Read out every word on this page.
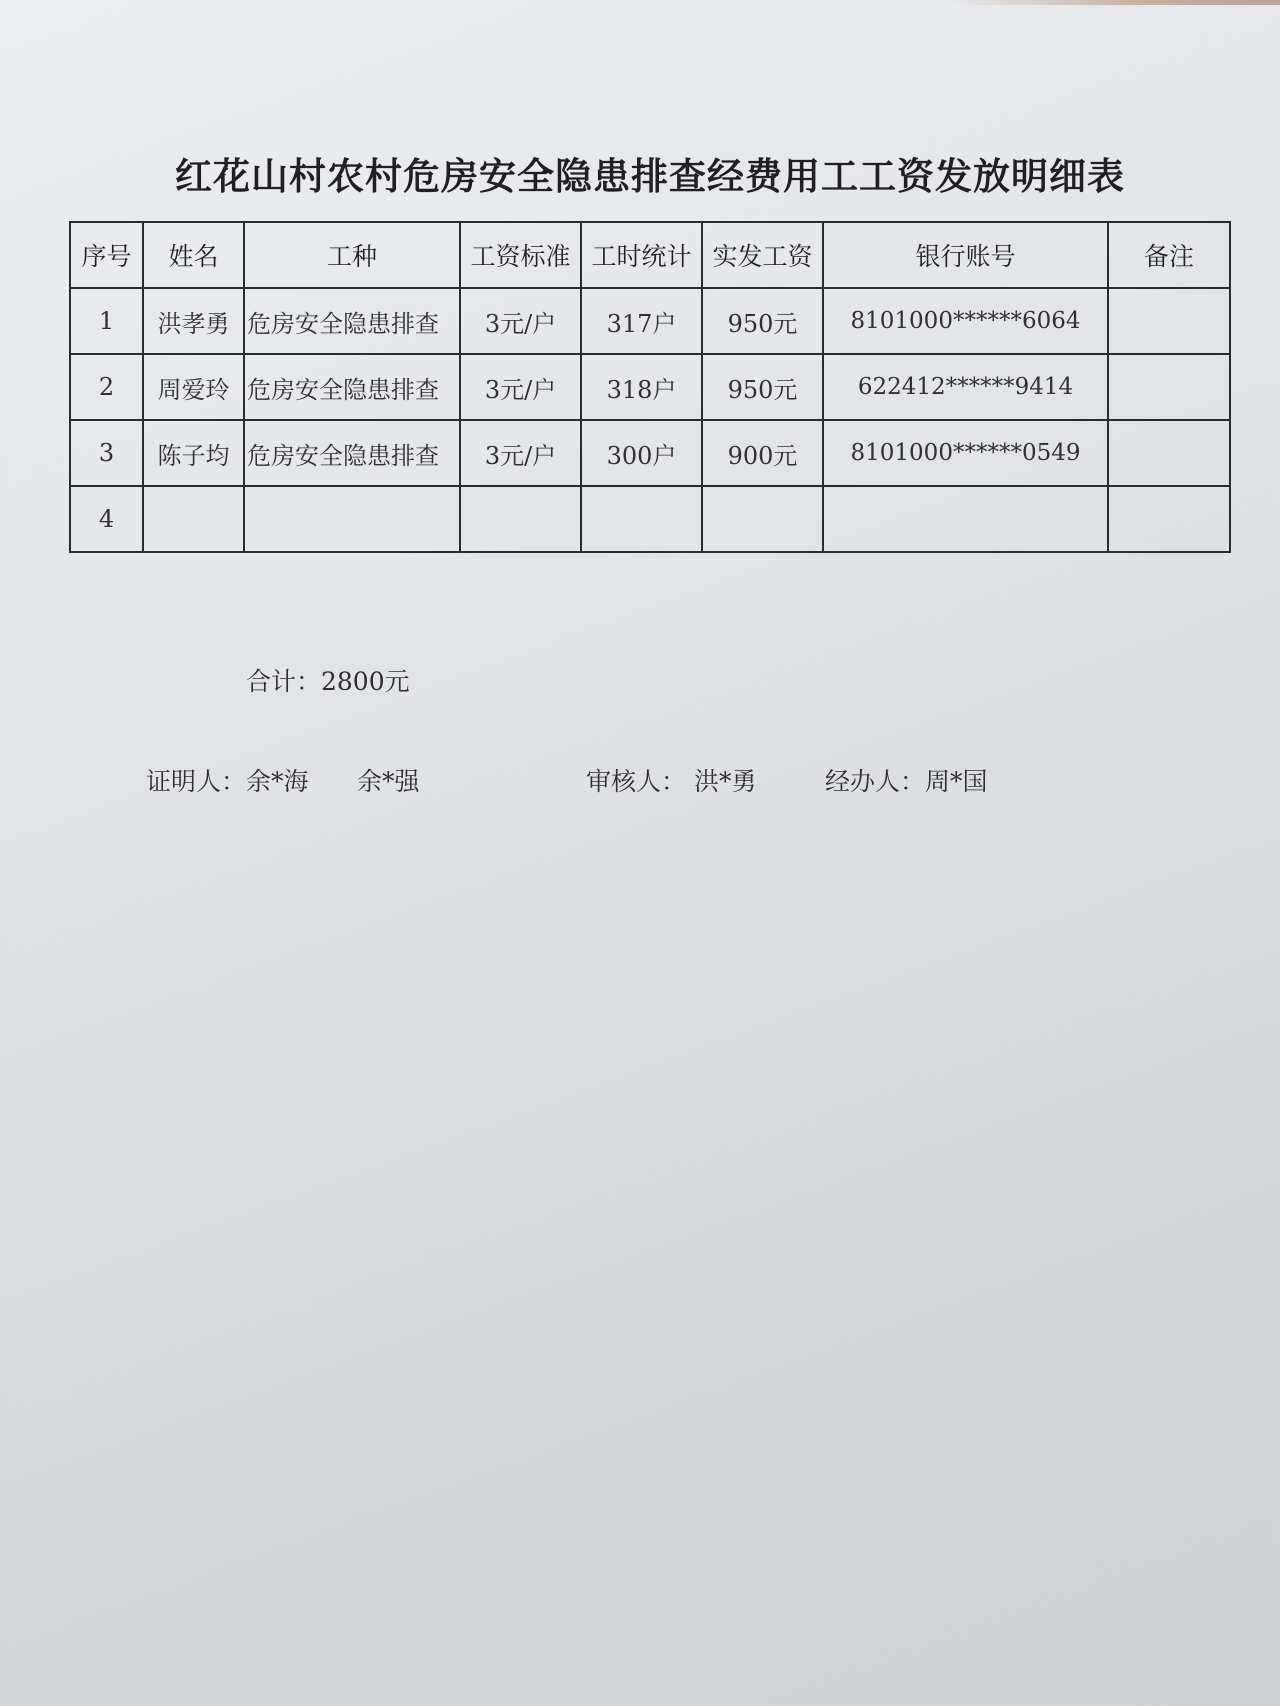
红花山村农村危房安全隐患排查经费用工工资发放明细表
序号	姓名	工种	工资标准	工时统计	实发工资	银行账号	备注
1	洪孝勇	危房安全隐患排查	3元/户	317户	950元	8101000******6064	
2	周爱玲	危房安全隐患排查	3元/户	318户	950元	622412******9414	
3	陈子均	危房安全隐患排查	3元/户	300户	900元	8101000******0549	
4							
合计：2800元
证明人：余*海 余*强	审核人： 洪*勇	经办人：周*国
